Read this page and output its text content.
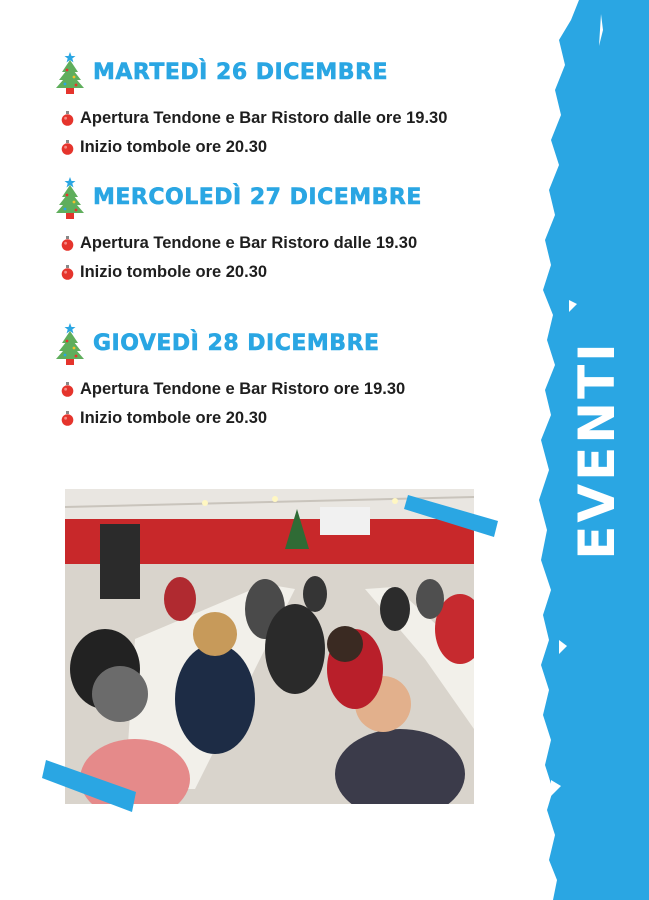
EVENTI
MARTEDÌ 26 DICEMBRE
Apertura Tendone e Bar Ristoro dalle ore 19.30
Inizio tombole ore 20.30
MERCOLEDÌ 27 DICEMBRE
Apertura Tendone e Bar Ristoro dalle 19.30
Inizio tombole ore 20.30
GIOVEDÌ 28 DICEMBRE
Apertura Tendone e Bar Ristoro ore 19.30
Inizio tombole ore 20.30
